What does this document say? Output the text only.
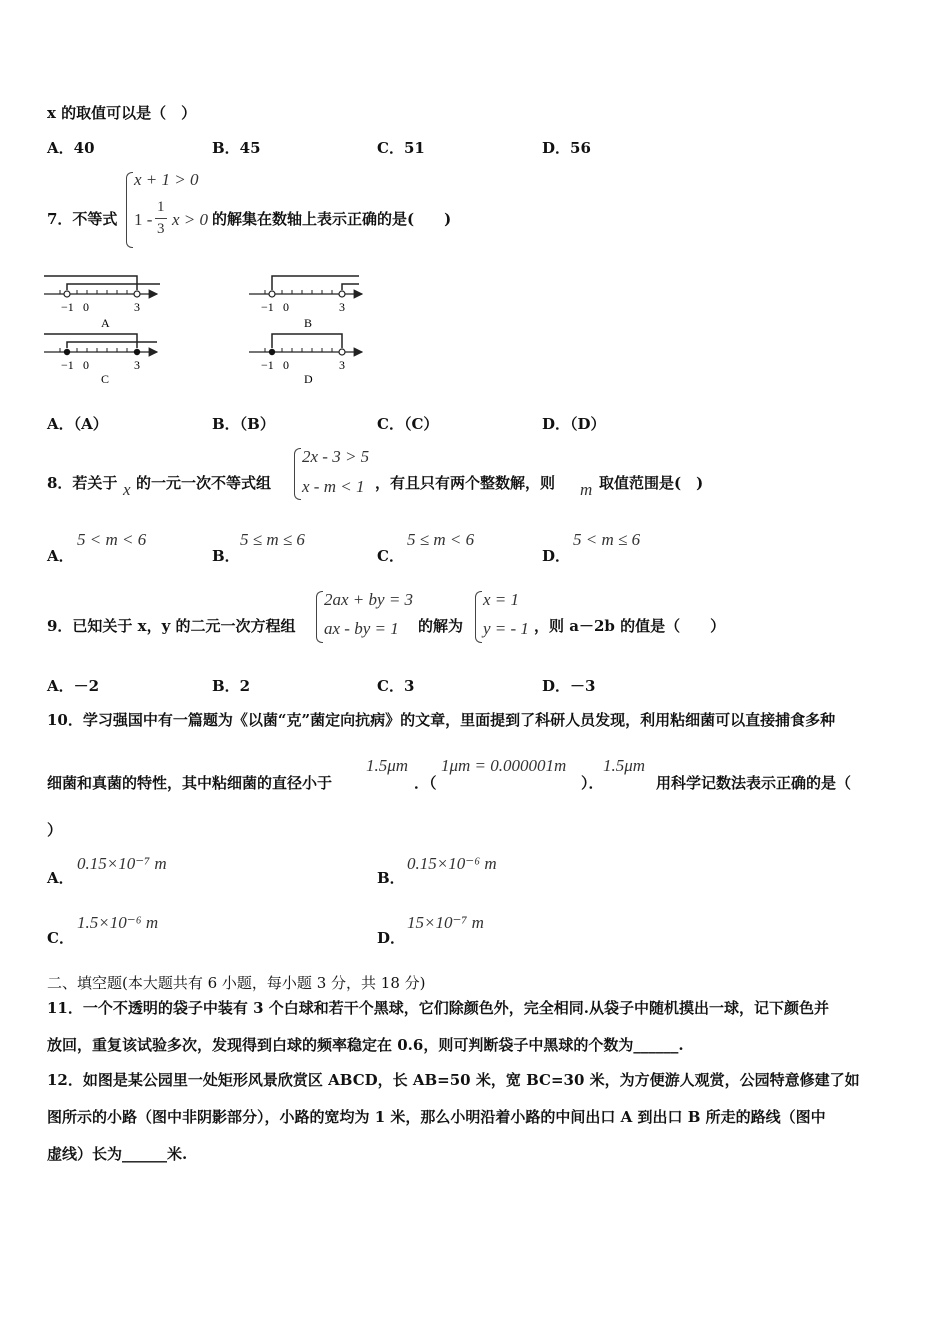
x 的取值可以是（　）
A．40	B．45	C．51	D．56
7．不等式
x + 1 > 0
1 -
1
3 x > 0 的解集在数轴上表示正确的是(　　)
−1 0	3
A
−1 0	3
B
−1 0	3
C
−1 0	3
D
A．（A）	B．（B）	C．（C）	D．（D）
8．若关于 x 的一元一次不等式组
2x - 3 > 5
x - m < 1 ，有且只有两个整数解，则 m 取值范围是(　)
A．
5 < m < 6
B．
5 ≤ m ≤ 6
C．
5 ≤ m < 6
D．
5 < m ≤ 6
9．已知关于 x，y 的二元一次方程组
2ax + by = 3
ax - by = 1 的解为
x = 1
y = - 1 ，则 a－2b 的值是（　　）
A．－2	B．2	C．3	D．－3
10．学习强国中有一篇题为《以菌“克”菌定向抗病》的文章，里面提到了科研人员发现，利用粘细菌可以直接捕食多种
细菌和真菌的特性，其中粘细菌的直径小于
1.5μm
．（
1μm = 0.000001m
）．
1.5μm
用科学记数法表示正确的是（
）
A．
0.15×10⁻⁷ m
B．
0.15×10⁻⁶ m
C．
1.5×10⁻⁶ m
D．
15×10⁻⁷ m
二、填空题(本大题共有 6 小题，每小题 3 分，共 18 分)
11．一个不透明的袋子中装有 3 个白球和若干个黑球，它们除颜色外，完全相同.从袋子中随机摸出一球，记下颜色并
放回，重复该试验多次，发现得到白球的频率稳定在 0.6，则可判断袋子中黑球的个数为______.
12．如图是某公园里一处矩形风景欣赏区 ABCD，长 AB=50 米，宽 BC=30 米，为方便游人观赏，公园特意修建了如
图所示的小路（图中非阴影部分），小路的宽均为 1 米，那么小明沿着小路的中间出口 A 到出口 B 所走的路线（图中
虚线）长为______米.
